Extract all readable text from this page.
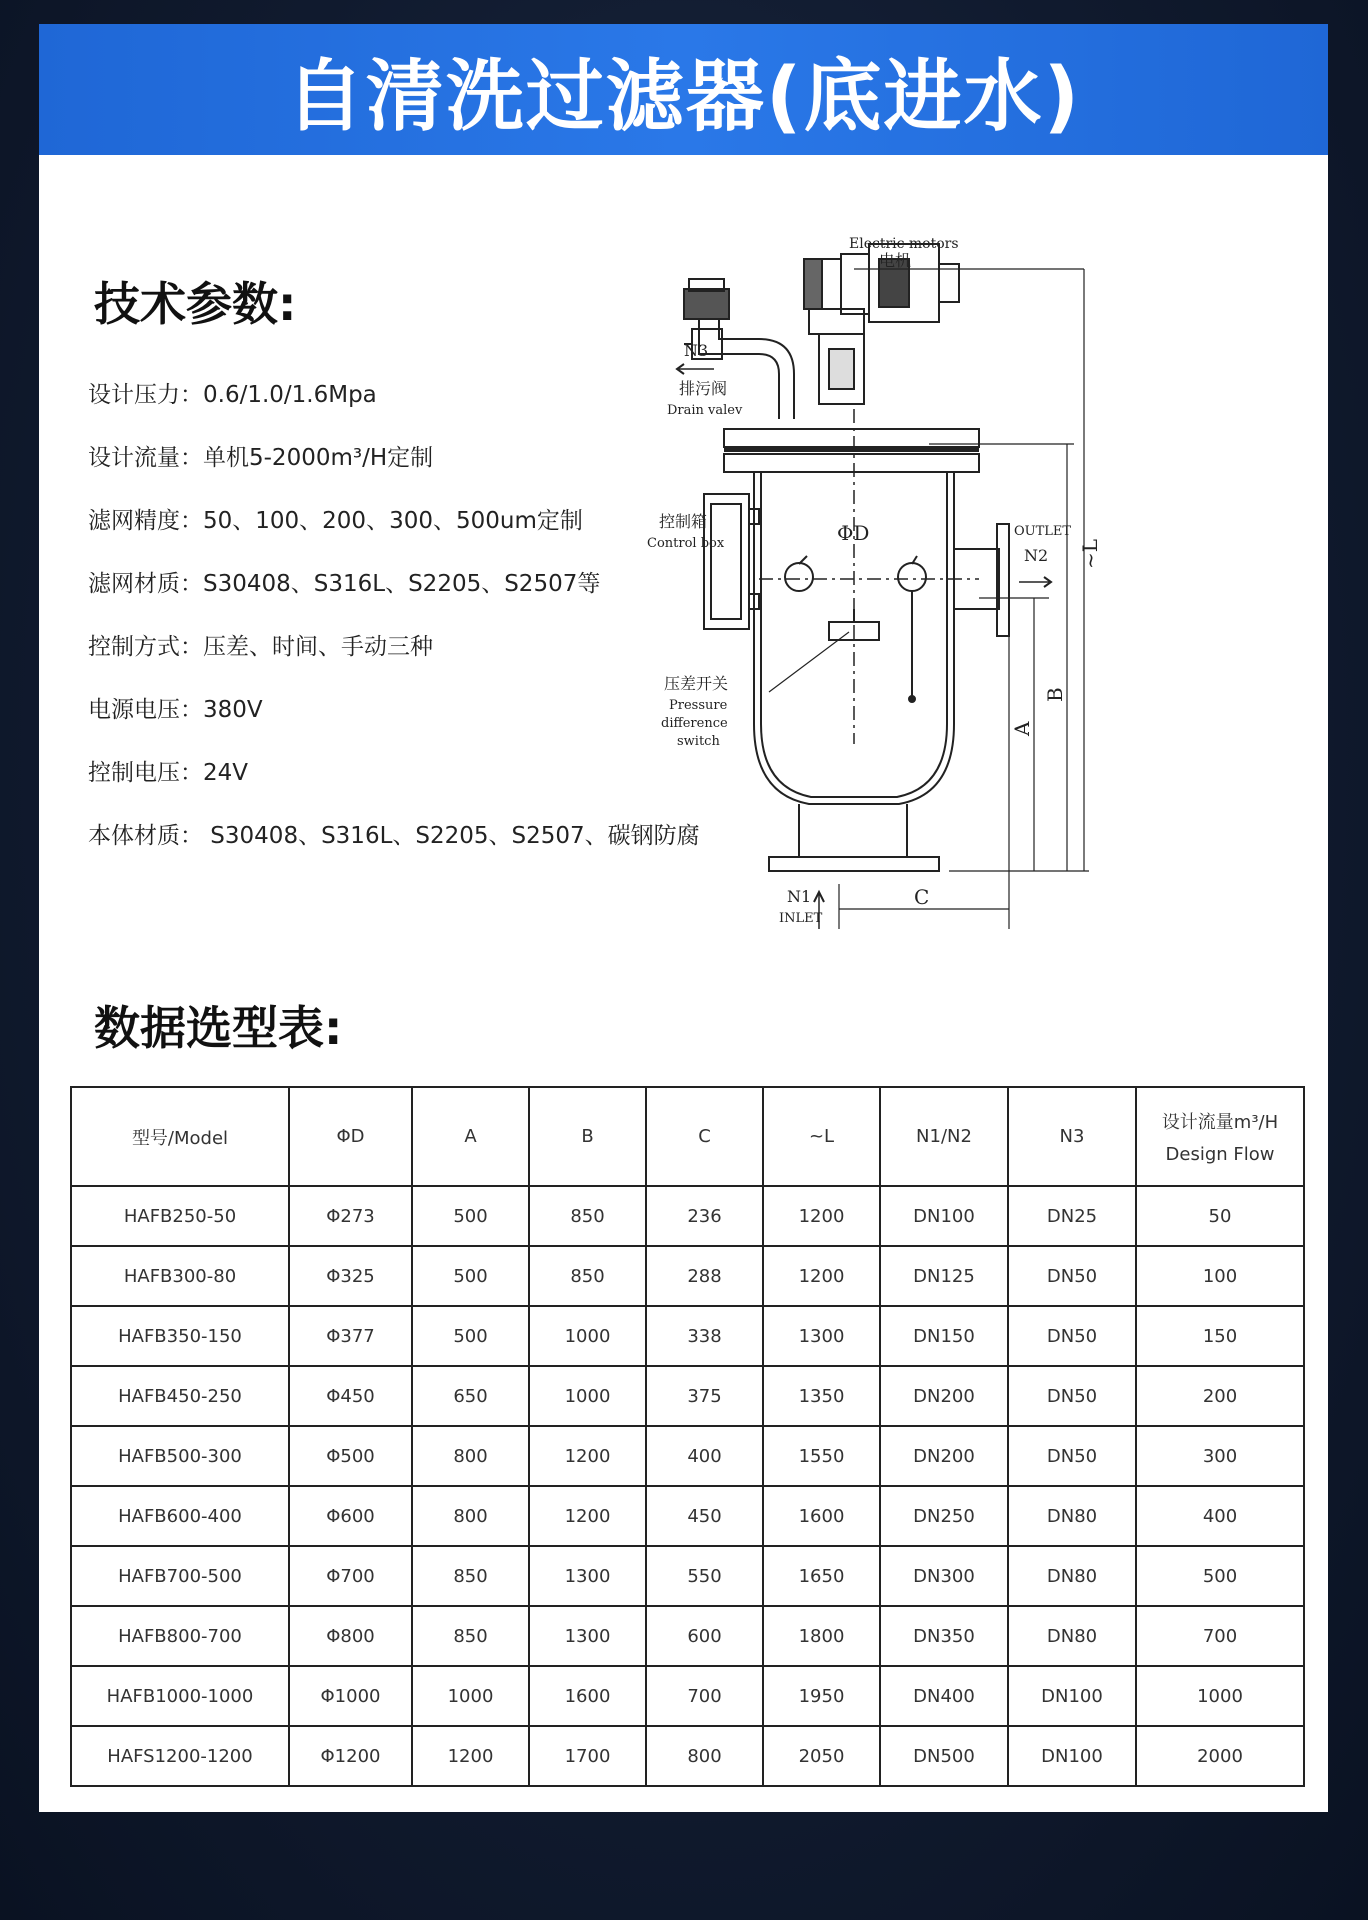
自清洗过滤器(底进水)
技术参数:
设计压力：0.6/1.0/1.6Mpa
设计流量：单机5-2000m³/H定制
滤网精度：50、100、200、300、500um定制
滤网材质：S30408、S316L、S2205、S2507等
控制方式：压差、时间、手动三种
电源电压：380V
控制电压：24V
本体材质： S30408、S316L、S2205、S2507、碳钢防腐
Electric motors
电机
N3
排污阀
Drain valev
控制箱
Control box	ΦD	OUTLET
N2
压差开关
Pressure
difference
switch
~L
B
A
C
N1
INLET
数据选型表:
型号/Model	ΦD	A	B	C	~L	N1/N2	N3	设计流量m³/H
Design Flow

HAFB250-50	Φ273	500	850	236	1200	DN100	DN25	50
HAFB300-80	Φ325	500	850	288	1200	DN125	DN50	100
HAFB350-150	Φ377	500	1000	338	1300	DN150	DN50	150
HAFB450-250	Φ450	650	1000	375	1350	DN200	DN50	200
HAFB500-300	Φ500	800	1200	400	1550	DN200	DN50	300
HAFB600-400	Φ600	800	1200	450	1600	DN250	DN80	400
HAFB700-500	Φ700	850	1300	550	1650	DN300	DN80	500
HAFB800-700	Φ800	850	1300	600	1800	DN350	DN80	700
HAFB1000-1000	Φ1000	1000	1600	700	1950	DN400	DN100	1000
HAFS1200-1200	Φ1200	1200	1700	800	2050	DN500	DN100	2000
